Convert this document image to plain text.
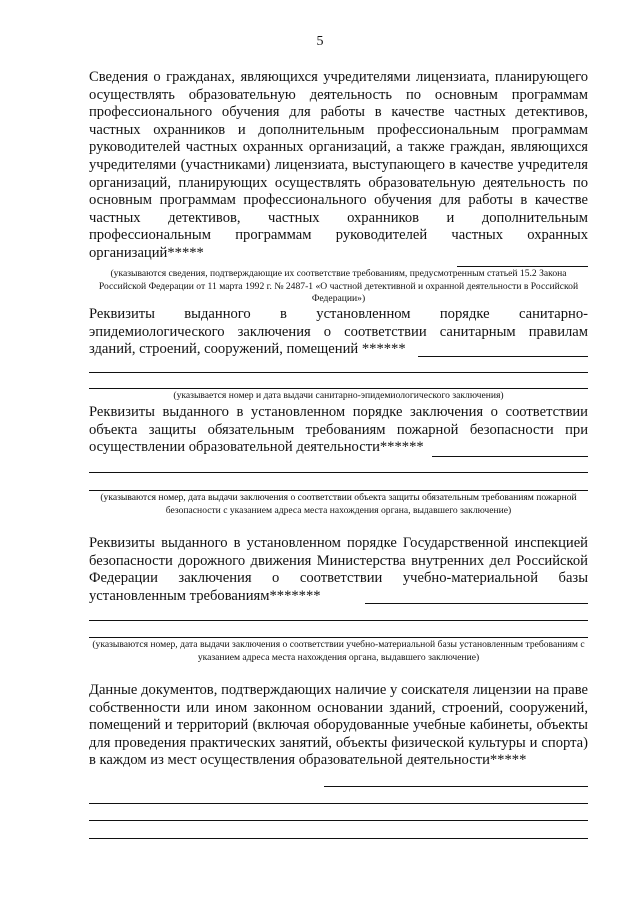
5
Сведения о гражданах, являющихся учредителями лицензиата, планирующего осуществлять образовательную деятельность по основным программам профессионального обучения для работы в качестве частных детективов, частных охранников и дополнительным профессиональным программам руководителей частных охранных организаций, а также граждан, являющихся учредителями (участниками) лицензиата, выступающего в качестве учредителя организаций, планирующих осуществлять образовательную деятельность по основным программам профессионального обучения для работы в качестве частных детективов, частных охранников и дополнительным профессиональным программам руководителей частных охранных организаций*****
(указываются сведения, подтверждающие их соответствие требованиям, предусмотренным статьей 15.2 Закона Российской Федерации от 11 марта 1992 г. № 2487-1 «О частной детективной и охранной деятельности в Российской Федерации»)
Реквизиты выданного в установленном порядке санитарно-эпидемиологического заключения о соответствии санитарным правилам зданий, строений, сооружений, помещений ******
(указывается номер и дата выдачи санитарно-эпидемиологического заключения)
Реквизиты выданного в установленном порядке заключения о соответствии объекта защиты обязательным требованиям пожарной безопасности при осуществлении образовательной деятельности******
(указываются номер, дата выдачи заключения о соответствии объекта защиты обязательным требованиям пожарной безопасности с указанием адреса места нахождения органа, выдавшего заключение)
Реквизиты выданного в установленном порядке Государственной инспекцией безопасности дорожного движения Министерства внутренних дел Российской Федерации заключения о соответствии учебно-материальной базы установленным требованиям*******
(указываются номер, дата выдачи заключения о соответствии учебно-материальной базы установленным требованиям с указанием адреса места нахождения органа, выдавшего заключение)
Данные документов, подтверждающих наличие у соискателя лицензии на праве собственности или ином законном основании зданий, строений, сооружений, помещений и территорий (включая оборудованные учебные кабинеты, объекты для проведения практических занятий, объекты физической культуры и спорта) в каждом из мест осуществления образовательной деятельности*****
